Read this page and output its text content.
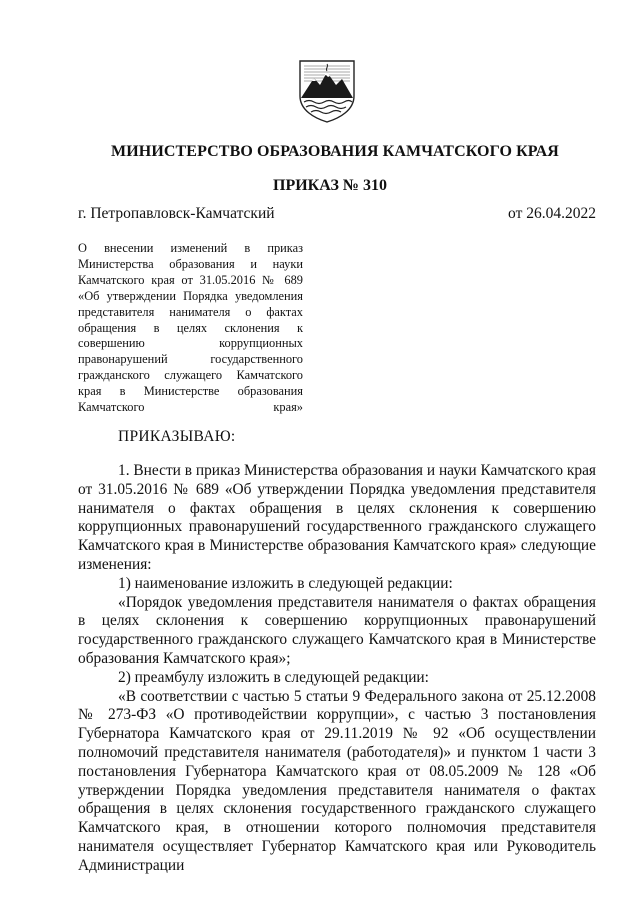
МИНИСТЕРСТВО ОБРАЗОВАНИЯ КАМЧАТСКОГО КРАЯ
ПРИКАЗ № 310
г. Петропавловск-Камчатский	от 26.04.2022
О внесении изменений в приказ Министерства образования и науки Камчатского края от 31.05.2016 № 689 «Об утверждении Порядка уведомления представителя нанимателя о фактах обращения в целях склонения к совершению коррупционных правонарушений государственного гражданского служащего Камчатского края в Министерстве образования Камчатского края»
ПРИКАЗЫВАЮ:

1. Внести в приказ Министерства образования и науки Камчатского края от 31.05.2016 № 689 «Об утверждении Порядка уведомления представителя нанимателя о фактах обращения в целях склонения к совершению коррупционных правонарушений государственного гражданского служащего Камчатского края в Министерстве образования Камчатского края» следующие изменения:

1) наименование изложить в следующей редакции:

«Порядок уведомления представителя нанимателя о фактах обращения в целях склонения к совершению коррупционных правонарушений государственного гражданского служащего Камчатского края в Министерстве образования Камчатского края»;

2) преамбулу изложить в следующей редакции:

«В соответствии с частью 5 статьи 9 Федерального закона от 25.12.2008 № 273-ФЗ «О противодействии коррупции», с частью 3 постановления Губернатора Камчатского края от 29.11.2019 № 92 «Об осуществлении полномочий представителя нанимателя (работодателя)» и пунктом 1 части 3 постановления Губернатора Камчатского края от 08.05.2009 № 128 «Об утверждении Порядка уведомления представителя нанимателя о фактах обращения в целях склонения государственного гражданского служащего Камчатского края, в отношении которого полномочия представителя нанимателя осуществляет Губернатор Камчатского края или Руководитель Администрации
